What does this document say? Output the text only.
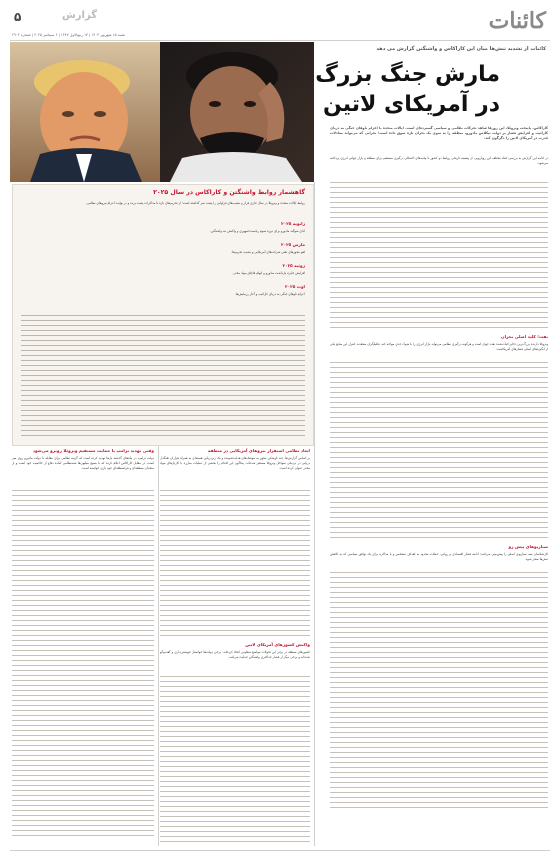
کائنات
۵	گزارش
شنبه ۱۵ شهریور ۱۴۰۴ | ۱۳ ربیع‌الاول ۱۴۴۷ | ۶ سپتامبر ۲۰۲۵ | شماره ۲۹۰۴
کائنات از تشدید تنش‌ها میان این کاراکاس و واشنگتن گزارش می دهد
مارش جنگ بزرگ
در آمریکای لاتین
کاراکاس، پایتخت ونزوئلا، این روزها شاهد تحرکات نظامی و سیاسی گسترده‌ای است. ایالات متحده با اعزام ناوهای جنگی به دریای کارائیب و افزایش فشار بر دولت نیکلاس مادورو، منطقه را به سوی یک بحران تازه سوق داده است؛ بحرانی که می‌تواند معادلات قدرت در آمریکای لاتین را دگرگون کند.
در ادامه این گزارش به بررسی ابعاد مختلف این رویارویی، از پیشینه تاریخی روابط دو کشور تا پیامدهای احتمالی درگیری مستقیم برای منطقه و بازار جهانی انرژی پرداخته می‌شود.
گاهشمار روابط واشنگتن و کاراکاس در سال ۲۰۲۵
روابط ایالات متحده و ونزوئلا در سال جاری فراز و نشیب‌های فراوانی را پشت سر گذاشته است؛ از تحریم‌های تازه تا مذاکرات پشت پرده و در نهایت اعزام نیروهای نظامی.
ژانویه ۲۰۲۵
ادای سوگند مادورو برای دوره سوم ریاست‌جمهوری و واکنش تند واشنگتن.
مارس ۲۰۲۵
لغو مجوزهای نفتی شرکت‌های آمریکایی و تشدید تحریم‌ها.
ژوئیه ۲۰۲۵
افزایش جایزه بازداشت مادورو و اتهام قاچاق مواد مخدر.
اوت ۲۰۲۵
اعزام ناوهای جنگی به دریای کارائیب و آغاز رزمایش‌ها.
نفت؛ کلید اصلی بحران
ونزوئلا دارنده بزرگ‌ترین ذخایر اثبات‌شده نفت جهان است و هرگونه درگیری نظامی می‌تواند بازار انرژی را با شوک جدی مواجه کند. تحلیلگران معتقدند کنترل این منابع یکی از انگیزه‌های اصلی فشارهای آمریکاست.
سناریوهای پیش رو
کارشناسان سه سناریوی اصلی را پیش‌بینی می‌کنند: ادامه فشار اقتصادی و روانی، حملات محدود به اهداف مشخص و یا مذاکره برای یک توافق سیاسی که به کاهش تنش‌ها منجر شود.
ابعاد نظامی استقرار نیروهای آمریکایی در منطقه
بر اساس گزارش‌ها، چند ناوشکن مجهز به موشک‌های هدایت‌شونده و یک زیردریایی هسته‌ای به همراه هزاران تفنگدار دریایی در نزدیکی سواحل ونزوئلا مستقر شده‌اند. پنتاگون این اقدام را بخشی از عملیات مبارزه با کارتل‌های مواد مخدر عنوان کرده است.
واکنش کشورهای آمریکای لاتین
کشورهای منطقه در برابر این تحولات مواضع متفاوتی اتخاذ کرده‌اند. برخی دولت‌ها خواستار خویشتن‌داری و گفت‌وگو شده‌اند و برخی دیگر از فشار حداکثری واشنگتن حمایت می‌کنند.
وقتی تهدید ترامپ با حمایت مستقیم ونزوئلا روبرو می‌شود
دولت ترامپ در ماه‌های گذشته بارها تهدید کرده است که گزینه نظامی برای مقابله با دولت مادورو روی میز است. در مقابل کاراکاس اعلام کرده که با بسیج میلیون‌ها شبه‌نظامی آماده دفاع از حاکمیت خود است و از متحدان منطقه‌ای و فرامنطقه‌ای خود یاری خواسته است.
